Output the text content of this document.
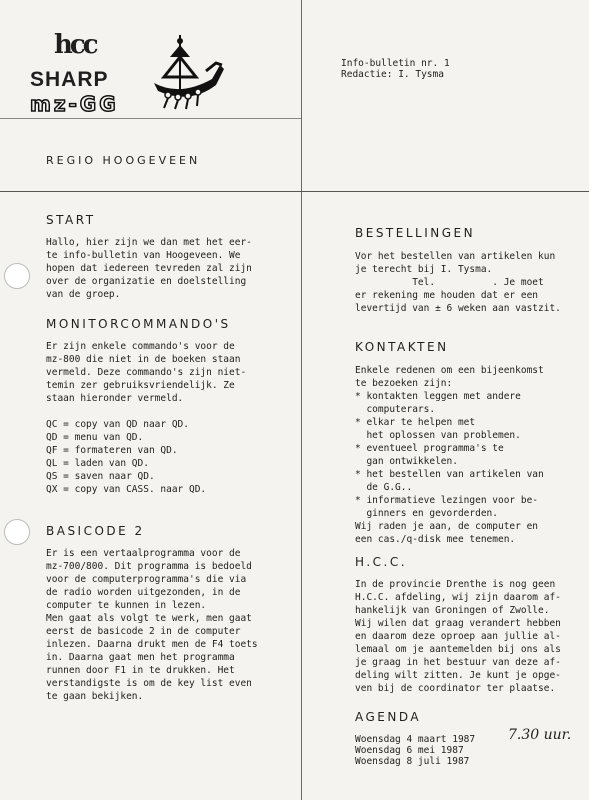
hcc
SHARP
mz-GG
Info-bulletin nr. 1
Redactie: I. Tysma
REGIO HOOGEVEEN
START
Hallo, hier zijn we dan met het eer-
te info-bulletin van Hoogeveen. We
hopen dat iedereen tevreden zal zijn
over de organizatie en doelstelling
van de groep.
MONITORCOMMANDO'S
Er zijn enkele commando's voor de
mz-800 die niet in de boeken staan
vermeld. Deze commando's zijn niet-
temin zer gebruiksvriendelijk. Ze
staan hieronder vermeld.
QC = copy van QD naar QD.
QD = menu van QD.
QF = formateren van QD.
QL = laden van QD.
QS = saven naar QD.
QX = copy van CASS. naar QD.
BASICODE 2
Er is een vertaalprogramma voor de
mz-700/800. Dit programma is bedoeld
voor de computerprogramma's die via
de radio worden uitgezonden, in de
computer te kunnen in lezen.
Men gaat als volgt te werk, men gaat
eerst de basicode 2 in de computer
inlezen. Daarna drukt men de F4 toets
in. Daarna gaat men het programma
runnen door F1 in te drukken. Het
verstandigste is om de key list even
te gaan bekijken.
BESTELLINGEN
Vor het bestellen van artikelen kun
je terecht bij I. Tysma.
Tel.          . Je moet
er rekening me houden dat er een
levertijd van ± 6 weken aan vastzit.
KONTAKTEN
Enkele redenen om een bijeenkomst
te bezoeken zijn:
* kontakten leggen met andere
computerars.
* elkar te helpen met
het oplossen van problemen.
* eventueel programma's te
gan ontwikkelen.
* het bestellen van artikelen van
de G.G..
* informatieve lezingen voor be-
ginners en gevorderden.
Wij raden je aan, de computer en
een cas./q-disk mee tenemen.
H.C.C.
In de provincie Drenthe is nog geen
H.C.C. afdeling, wij zijn daarom af-
hankelijk van Groningen of Zwolle.
Wij wilen dat graag verandert hebben
en daarom deze oproep aan jullie al-
lemaal om je aantemelden bij ons als
je graag in het bestuur van deze af-
deling wilt zitten. Je kunt je opge-
ven bij de coordinator ter plaatse.
AGENDA
Woensdag 4 maart 1987
Woensdag 6 mei 1987
Woensdag 8 juli 1987
7.30 uur.
